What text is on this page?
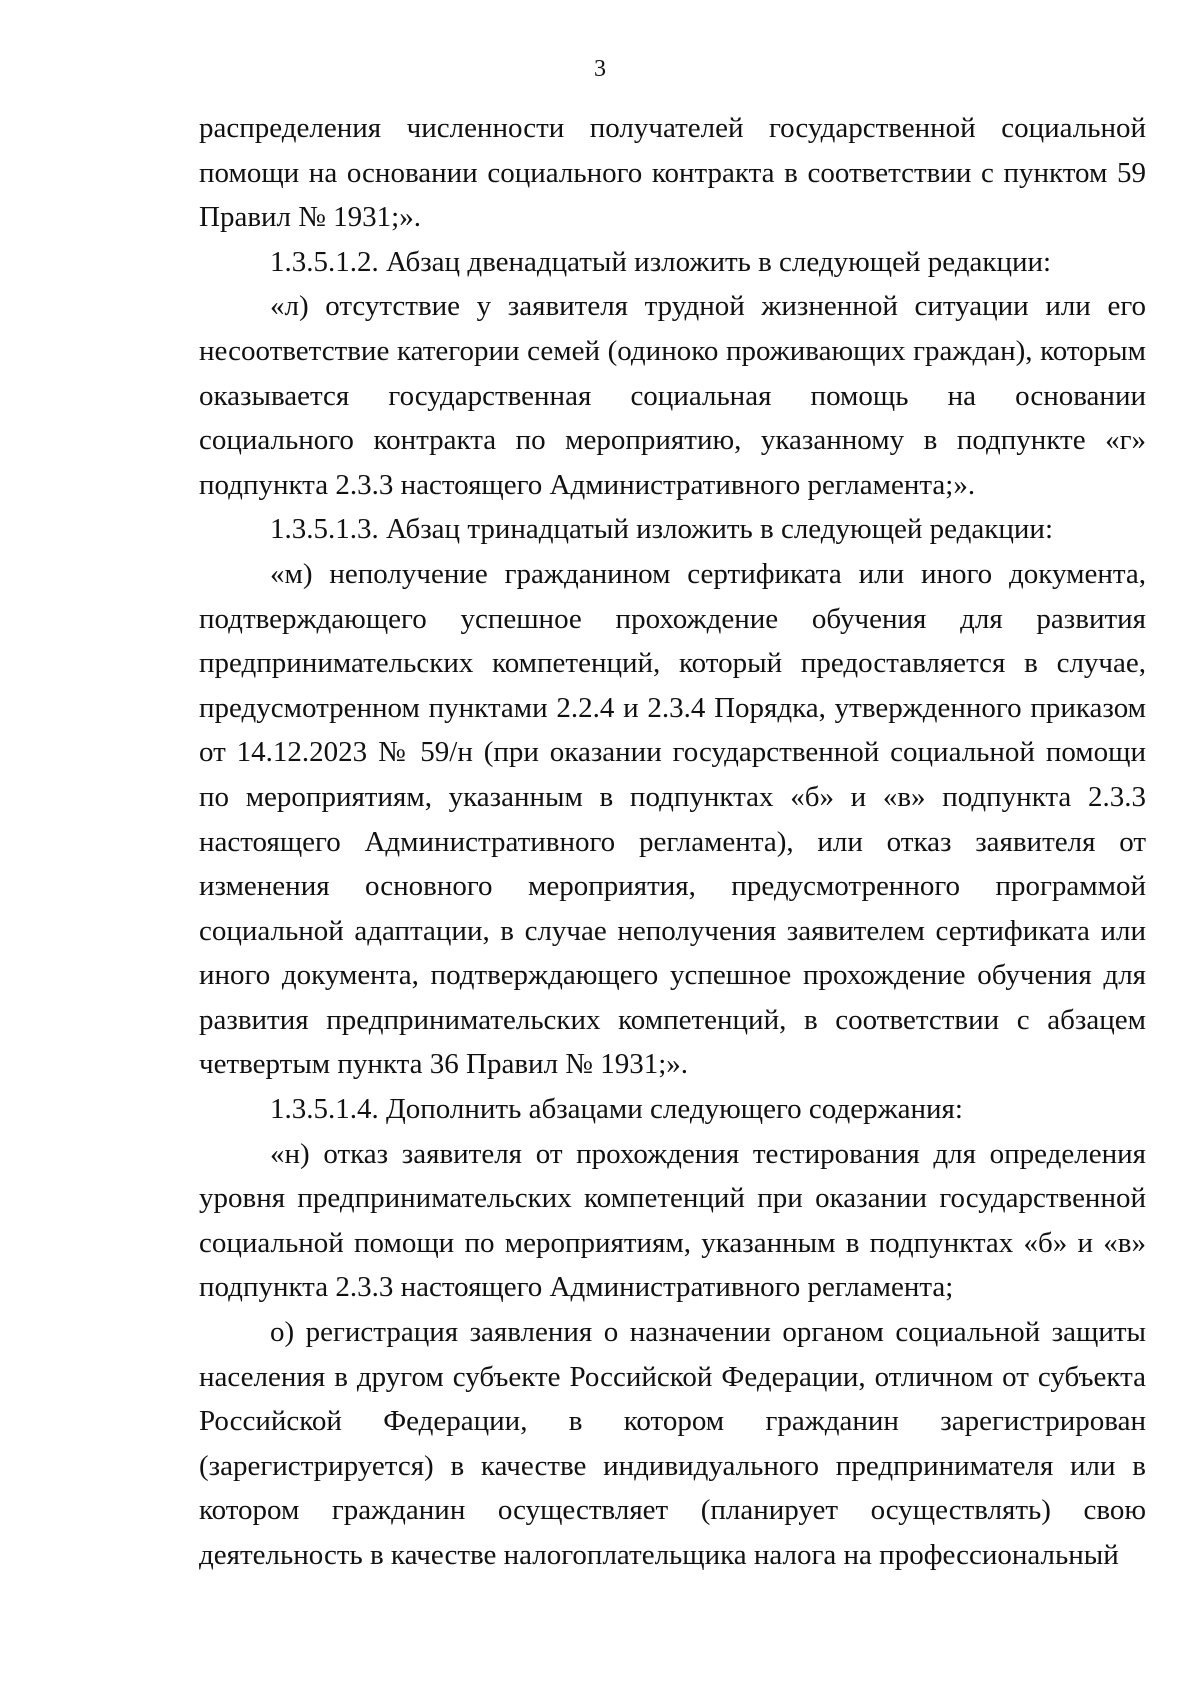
3

распределения численности получателей государственной социальной помощи на основании социального контракта в соответствии с пунктом 59 Правил № 1931;».

1.3.5.1.2. Абзац двенадцатый изложить в следующей редакции:

«л) отсутствие у заявителя трудной жизненной ситуации или его несоответствие категории семей (одиноко проживающих граждан), которым оказывается государственная социальная помощь на основании социального контракта по мероприятию, указанному в подпункте «г» подпункта 2.3.3 настоящего Административного регламента;».

1.3.5.1.3. Абзац тринадцатый изложить в следующей редакции:

«м) неполучение гражданином сертификата или иного документа, подтверждающего успешное прохождение обучения для развития предпринимательских компетенций, который предоставляется в случае, предусмотренном пунктами 2.2.4 и 2.3.4 Порядка, утвержденного приказом от 14.12.2023 № 59/н (при оказании государственной социальной помощи по мероприятиям, указанным в подпунктах «б» и «в» подпункта 2.3.3 настоящего Административного регламента), или отказ заявителя от изменения основного мероприятия, предусмотренного программой социальной адаптации, в случае неполучения заявителем сертификата или иного документа, подтверждающего успешное прохождение обучения для развития предпринимательских компетенций, в соответствии с абзацем четвертым пункта 36 Правил № 1931;».

1.3.5.1.4. Дополнить абзацами следующего содержания:

«н) отказ заявителя от прохождения тестирования для определения уровня предпринимательских компетенций при оказании государственной социальной помощи по мероприятиям, указанным в подпунктах «б» и «в» подпункта 2.3.3 настоящего Административного регламента;

о) регистрация заявления о назначении органом социальной защиты населения в другом субъекте Российской Федерации, отличном от субъекта Российской Федерации, в котором гражданин зарегистрирован (зарегистрируется) в качестве индивидуального предпринимателя или в котором гражданин осуществляет (планирует осуществлять) свою деятельность в качестве налогоплательщика налога на профессиональный
